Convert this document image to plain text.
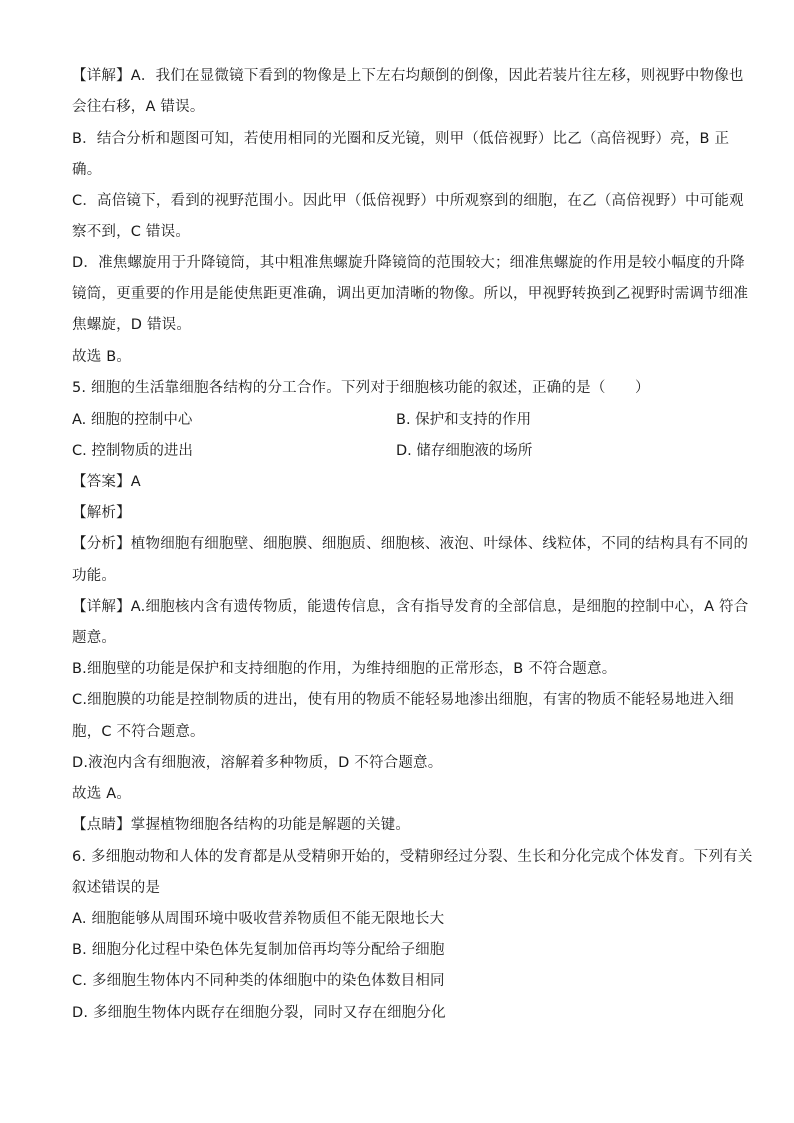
【详解】A．我们在显微镜下看到的物像是上下左右均颠倒的倒像，因此若装片往左移，则视野中物像也
会往右移，A 错误。
B．结合分析和题图可知，若使用相同的光圈和反光镜，则甲（低倍视野）比乙（高倍视野）亮，B 正
确。
C．高倍镜下，看到的视野范围小。因此甲（低倍视野）中所观察到的细胞，在乙（高倍视野）中可能观
察不到，C 错误。
D．准焦螺旋用于升降镜筒，其中粗准焦螺旋升降镜筒的范围较大；细准焦螺旋的作用是较小幅度的升降
镜筒，更重要的作用是能使焦距更准确，调出更加清晰的物像。所以，甲视野转换到乙视野时需调节细准
焦螺旋，D 错误。
故选 B。
5. 细胞的生活靠细胞各结构的分工合作。下列对于细胞核功能的叙述，正确的是（　　）
A. 细胞的控制中心	B. 保护和支持的作用
C. 控制物质的进出	D. 储存细胞液的场所
【答案】A
【解析】
【分析】植物细胞有细胞壁、细胞膜、细胞质、细胞核、液泡、叶绿体、线粒体，不同的结构具有不同的
功能。
【详解】A.细胞核内含有遗传物质，能遗传信息，含有指导发育的全部信息，是细胞的控制中心，A 符合
题意。
B.细胞壁的功能是保护和支持细胞的作用，为维持细胞的正常形态，B 不符合题意。
C.细胞膜的功能是控制物质的进出，使有用的物质不能轻易地渗出细胞，有害的物质不能轻易地进入细
胞，C 不符合题意。
D.液泡内含有细胞液，溶解着多种物质，D 不符合题意。
故选 A。
【点睛】掌握植物细胞各结构的功能是解题的关键。
6. 多细胞动物和人体的发育都是从受精卵开始的，受精卵经过分裂、生长和分化完成个体发育。下列有关
叙述错误的是
A. 细胞能够从周围环境中吸收营养物质但不能无限地长大
B. 细胞分化过程中染色体先复制加倍再均等分配给子细胞
C. 多细胞生物体内不同种类的体细胞中的染色体数目相同
D. 多细胞生物体内既存在细胞分裂，同时又存在细胞分化
